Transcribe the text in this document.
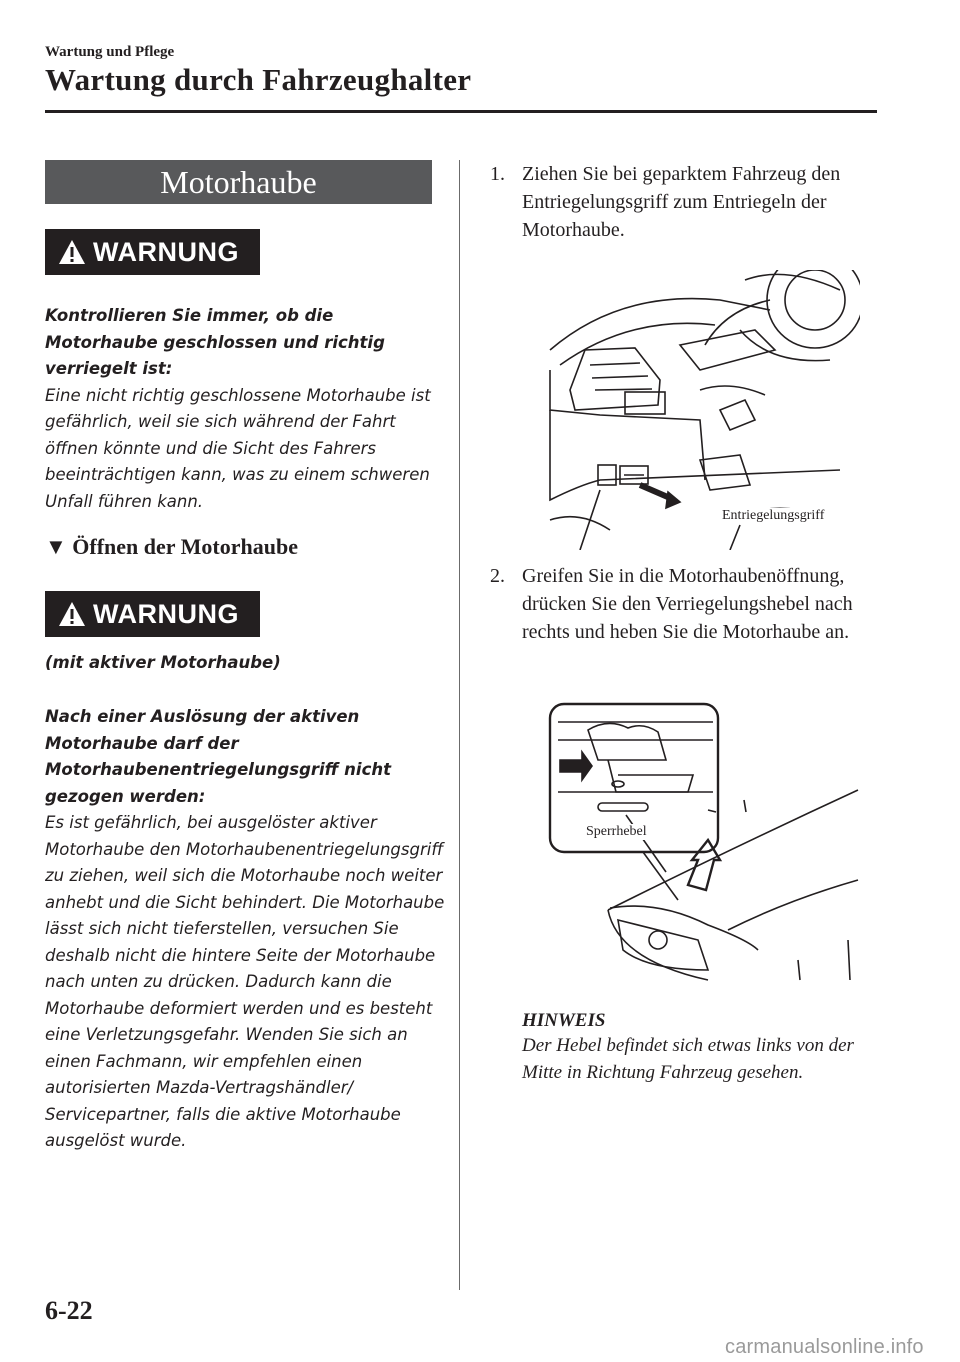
Wartung und Pflege
Wartung durch Fahrzeughalter
Motorhaube
WARNUNG
Kontrollieren Sie immer, ob die Motorhaube geschlossen und richtig verriegelt ist:
Eine nicht richtig geschlossene Motorhaube ist gefährlich, weil sie sich während der Fahrt öffnen könnte und die Sicht des Fahrers beeinträchtigen kann, was zu einem schweren Unfall führen kann.
▼ Öffnen der Motorhaube
WARNUNG
(mit aktiver Motorhaube)
Nach einer Auslösung der aktiven Motorhaube darf der Motorhaubenentriegelungsgriff nicht gezogen werden:
Es ist gefährlich, bei ausgelöster aktiver Motorhaube den Motorhaubenentriegelungsgriff zu ziehen, weil sich die Motorhaube noch weiter anhebt und die Sicht behindert. Die Motorhaube lässt sich nicht tieferstellen, versuchen Sie deshalb nicht die hintere Seite der Motorhaube nach unten zu drücken. Dadurch kann die Motorhaube deformiert werden und es besteht eine Verletzungsgefahr. Wenden Sie sich an einen Fachmann, wir empfehlen einen autorisierten Mazda-Vertragshändler/ Servicepartner, falls die aktive Motorhaube ausgelöst wurde.
1. Ziehen Sie bei geparktem Fahrzeug den Entriegelungsgriff zum Entriegeln der Motorhaube.
Entriegelungsgriff
2. Greifen Sie in die Motorhaubenöffnung, drücken Sie den Verriegelungshebel nach rechts und heben Sie die Motorhaube an.
Sperrhebel
HINWEIS
Der Hebel befindet sich etwas links von der Mitte in Richtung Fahrzeug gesehen.
6-22
carmanualsonline.info
